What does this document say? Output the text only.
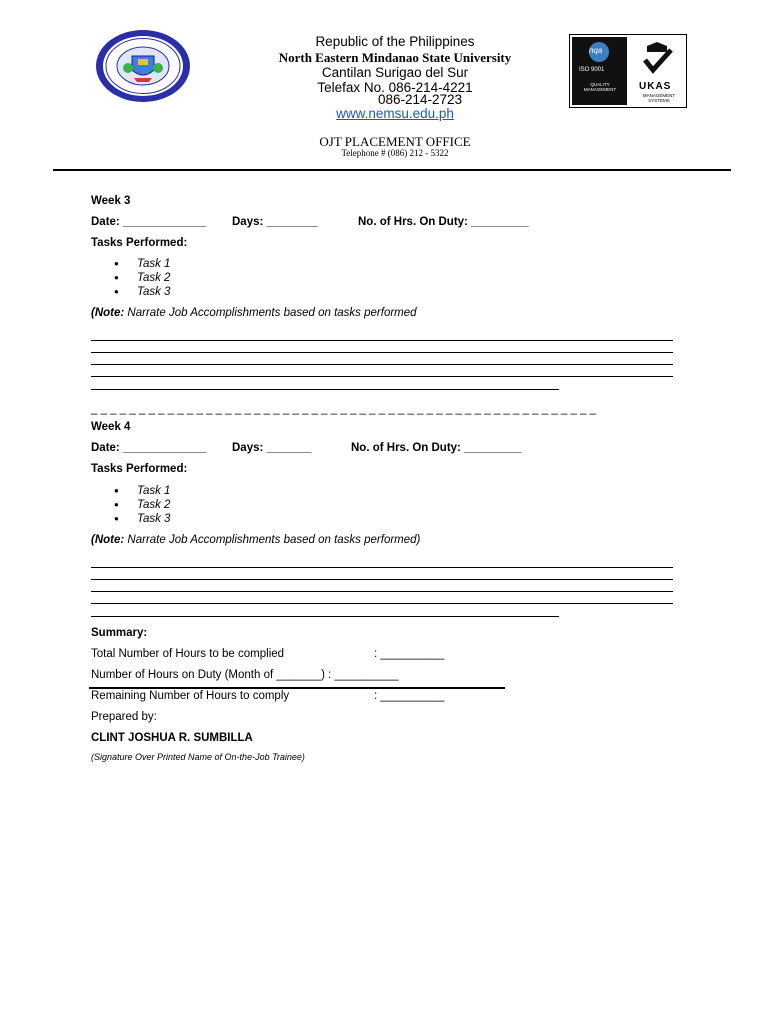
Republic of the Philippines
North Eastern Mindanao State University
Cantilan Surigao del Sur
Telefax No. 086-214-4221
086-214-2723
www.nemsu.edu.ph
OJT PLACEMENT OFFICE
Telephone # (086) 212 - 5322
nqa
ISO 9001
QUALITY MANAGEMENT	UKAS
MANAGEMENT SYSTEMS
Week 3
Date: _____________ Days: ________	No. of Hrs. On Duty: _________
Tasks Performed:
● Task 1
● Task 2
● Task 3
(Note: Narrate Job Accomplishments based on tasks performed
_ _ _ _ _ _ _ _ _ _ _ _ _ _ _ _ _ _ _ _ _ _ _ _ _ _ _ _ _ _ _ _ _ _ _ _ _ _ _ _ _ _ _ _ _ _ _ _ _ _ _ _ _
Week 4
Date: _____________ Days: _______	No. of Hrs. On Duty: _________
Tasks Performed:
● Task 1
● Task 2
● Task 3
(Note: Narrate Job Accomplishments based on tasks performed)
Summary:
Total Number of Hours to be complied	: __________
Number of Hours on Duty (Month of _______) : __________
Remaining Number of Hours to comply	: __________
Prepared by:
CLINT JOSHUA R. SUMBILLA
(Signature Over Printed Name of On-the-Job Trainee)
